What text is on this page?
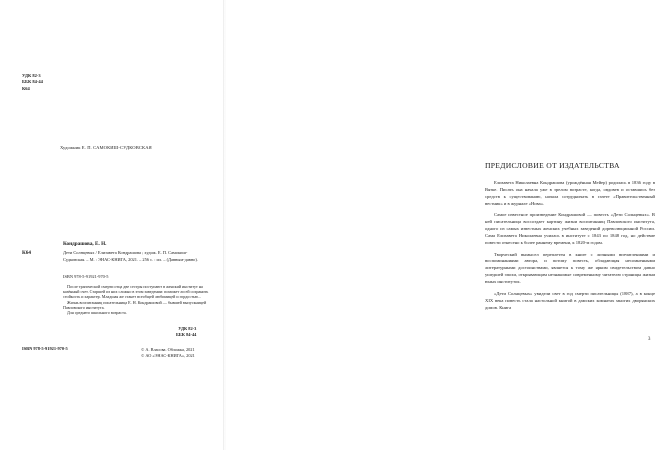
УДК 82-3
ББК 84-44
К64
Художник Е. П. САМОКИШ-СУДКОВСКАЯ
Кондрашова, Е. Н.
К64	Дети Солнцевых / Елизавета Кондрашова ; худож. Е. П. Самокиш-Судковская. – М. : ЭНАС-КНИГА, 2021. – 256 с. : ил. – (Давным-давно).
ISBN 978-5-91921-970-5

После трагической смерти отца две сестры поступают в женский институт на казённый счет. Старшей из них сложно в этом заведении: поможет ли ей сохранить стойкость и характер. Младшая же станет всеобщей любимицей и гордостью...

Жизнь воспитанниц писательница Е. Н. Кондрашовой — бывшей выпускницей Павловского института.

Для среднего школьного возраста.

УДК 82-3
ББК 84-44
ISBN 978-5-91921-970-5	© А. Власова. Обложка, 2021
© АО «ЭНАС-КНИГА», 2021
ПРЕДИСЛОВИЕ ОТ ИЗДАТЕЛЬСТВА

Елизавета Николаевна Кондрашова (урождённая Мейер) родилась в 1836 году в Вятке. Писать она начала уже в зрелом возрасте, когда, овдовев и оставшись без средств к существованию, начала сотрудничать в газете «Правительственный вестник» и в журнале «Нова».

Самое известное произведение Кондрашовой — повесть «Дети Солнцевых». В ней писательница воссоздает картину жизни воспитанниц Павловского института, одного из самых известных женских учебных заведений дореволюционной России. Сама Елизавета Николаевна училась в институте с 1843 по 1848 год, но действие повести отнесено к более раннему времени, к 1820-м годам.

Творческий вымысел переплетен в книге с личными впечатлениями и воспоминаниями автора, и потому повесть, обладающая несомненными литературными достоинствами, является к тому же ярким свидетельством давно ушедшей эпохи, открывающим незнакомые современному читателю страницы жизни юных институток.

«Дети Солнцевых» увидели свет в год смерти писательницы (1887), а в конце XIX века повесть стала настольной книгой в дамских комнатах многих дворянских домов. Книга

3
